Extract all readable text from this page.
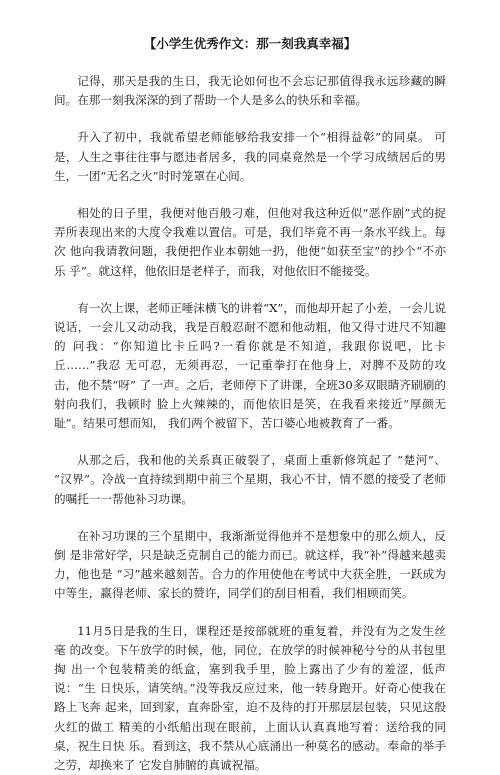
【小学生优秀作文：那一刻我真幸福】

记得，那天是我的生日，我无论如何也不会忘记那值得我永远珍藏的瞬 间。在那一刻我深深的到了帮助一个人是多么的快乐和幸福。

升入了初中，我就希望老师能够给我安排一个“相得益彰”的同桌。 可是，人生之事往往事与愿违者居多，我的同桌竟然是一个学习成绩居后的男 生，一团“无名之火”时时笼罩在心间。

相处的日子里，我便对他百般刁难，但他对我这种近似“恶作剧”式的捉 弄所表现出来的大度令我难以置信。可是，我们毕竟不再一条水平线上。每次 他向我请教问题，我便把作业本朝她一扔，他便“如获至宝”的抄个“不亦乐 乎”。就这样，他依旧是老样子，而我，对他依旧不能接受。

有一次上课，老师正唾沫横飞的讲着“X”，而他却开起了小差，一会儿说 说话，一会儿又动动我，我是百般忍耐不愿和他动粗，他又得寸进尺不知趣的 问我：“你知道比卡丘吗?一看你就是不知道，我跟你说吧，比卡丘……”我忍 无可忍，无须再忍，一记重拳打在他身上，对脾不及防的攻击，他不禁“呀” 了一声。之后，老师停下了讲课，全班30多双眼睛齐刷刷的射向我们，我顿时 脸上火辣辣的，而他依旧是笑，在我看来接近“厚颜无耻”。结果可想而知， 我们两个被留下，苦口婆心地被教育了一番。

从那之后，我和他的关系真正破裂了，桌面上重新修筑起了 “楚河”、 “汉界”。冷战一直持续到期中前三个星期，我心不甘，情不愿的接受了老师 的嘱托一一帮他补习功课。

在补习功课的三个星期中，我渐渐觉得他并不是想象中的那么烦人，反倒 是非常好学，只是缺乏克制自己的能力而已。就这样，我“补”得越来越卖 力，他也是 “习”越来越刻苦。合力的作用使他在考试中大获全胜，一跃成为 中等生，赢得老师、家长的赞许，同学们的刮目相看，我们相顾而笑。

11月5日是我的生日，课程还是按部就班的重复着，并没有为之发生丝毫 的改变。下午放学的时候，他，同位，在放学的时候神秘兮兮的从书包里掏 出一个包装精美的纸盒，塞到我手里，脸上露出了少有的羞涩，低声说：“生 日快乐，请笑纳。”没等我反应过来，他一转身跑开。好奇心使我在路上飞奔 起来，回到家，直奔卧室，迫不及待的打开那层层包装，只见这殷火红的做工 精美的小纸船出现在眼前，上面认认真真地写着：送给我的同桌，祝生日快 乐。看到这，我不禁从心底涌出一种莫名的感动。奉命的举手之劳，却换来了 它发自肺腑的真诚祝福。
